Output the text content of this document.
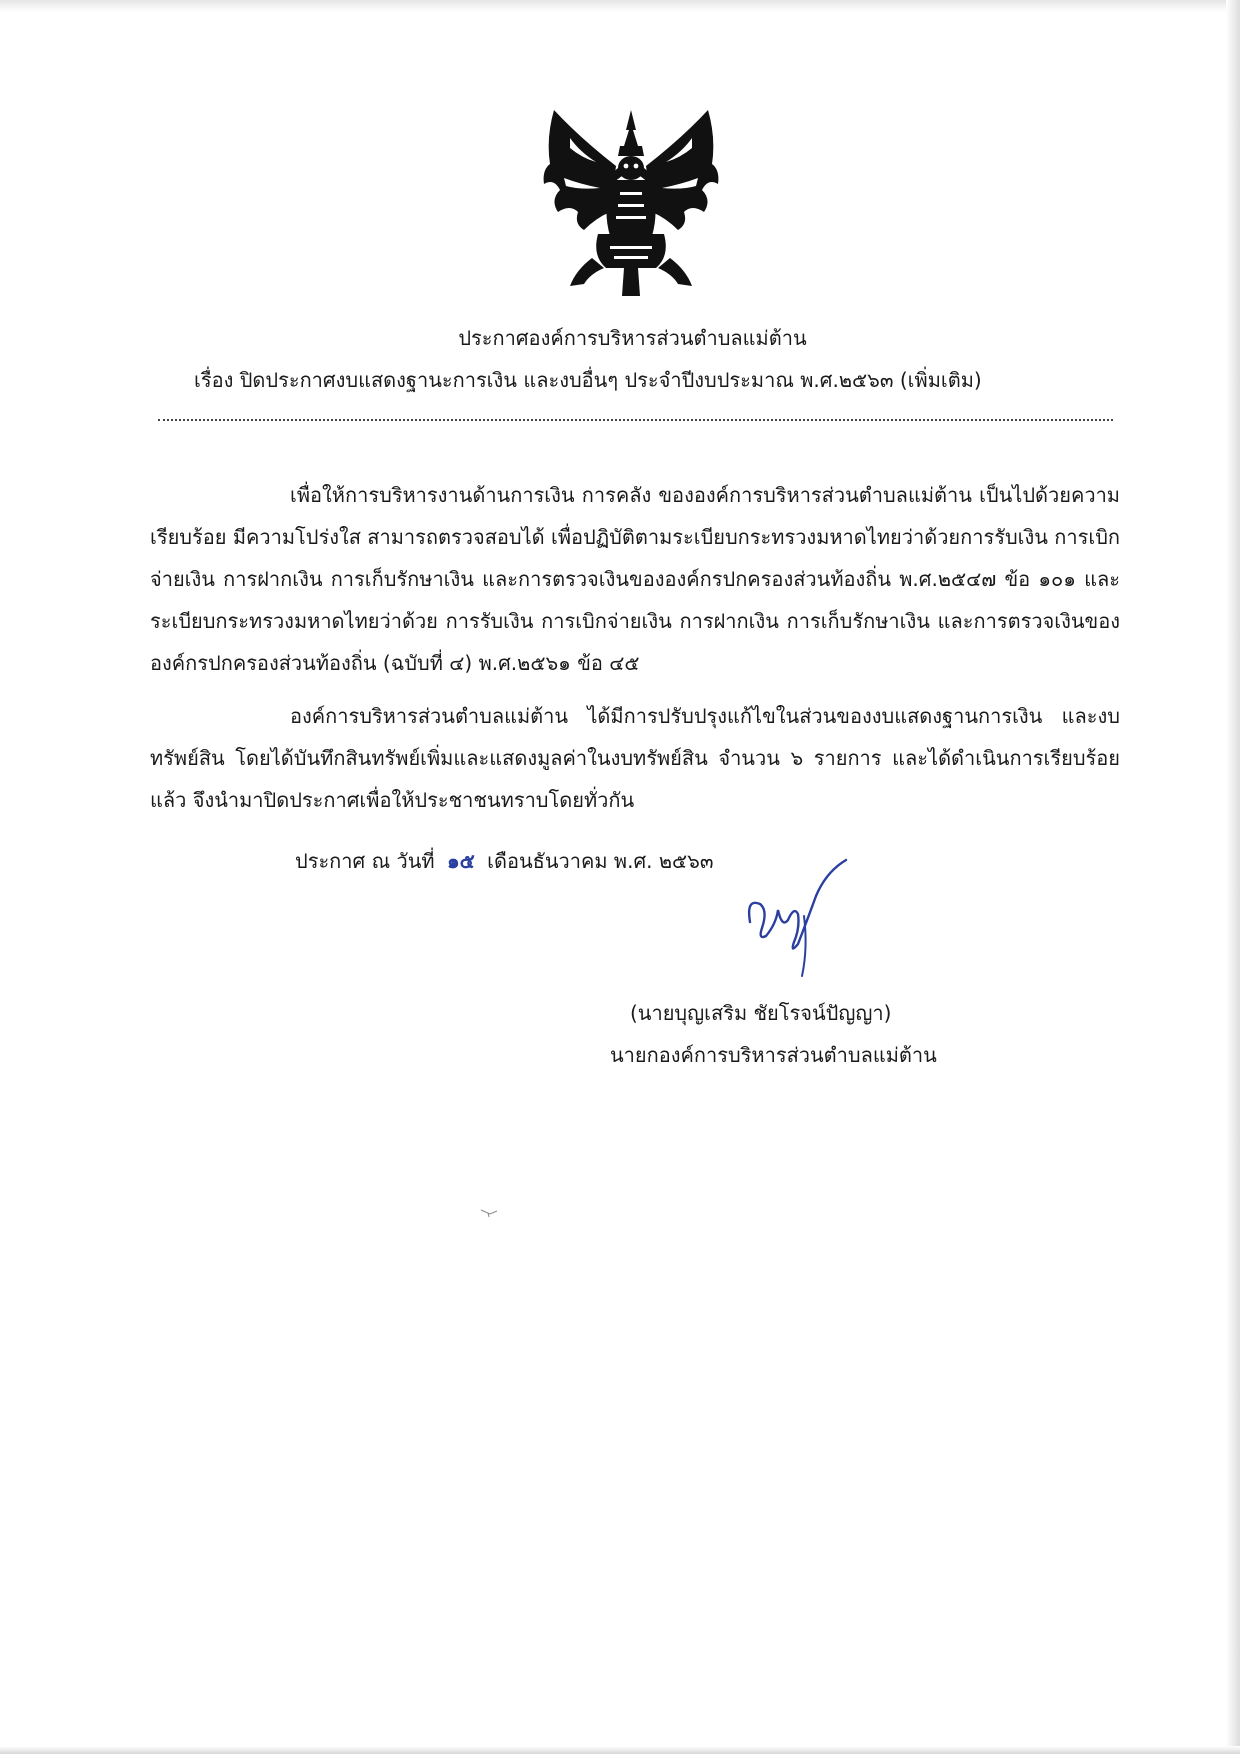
ประกาศองค์การบริหารส่วนตำบลแม่ต้าน
เรื่อง ปิดประกาศงบแสดงฐานะการเงิน และงบอื่นๆ ประจำปีงบประมาณ พ.ศ.๒๕๖๓ (เพิ่มเติม)
เพื่อให้การบริหารงานด้านการเงิน การคลัง ขององค์การบริหารส่วนตำบลแม่ต้าน เป็นไปด้วยความเรียบร้อย มีความโปร่งใส สามารถตรวจสอบได้ เพื่อปฏิบัติตามระเบียบกระทรวงมหาดไทยว่าด้วยการรับเงิน การเบิกจ่ายเงิน การฝากเงิน การเก็บรักษาเงิน และการตรวจเงินขององค์กรปกครองส่วนท้องถิ่น พ.ศ.๒๕๔๗ ข้อ ๑๐๑ และระเบียบกระทรวงมหาดไทยว่าด้วย การรับเงิน การเบิกจ่ายเงิน การฝากเงิน การเก็บรักษาเงิน และการตรวจเงินขององค์กรปกครองส่วนท้องถิ่น (ฉบับที่ ๔) พ.ศ.๒๕๖๑ ข้อ ๔๕
องค์การบริหารส่วนตำบลแม่ต้าน ได้มีการปรับปรุงแก้ไขในส่วนของงบแสดงฐานการเงิน และงบทรัพย์สิน โดยได้บันทึกสินทรัพย์เพิ่มและแสดงมูลค่าในงบทรัพย์สิน จำนวน ๖ รายการ และได้ดำเนินการเรียบร้อยแล้ว จึงนำมาปิดประกาศเพื่อให้ประชาชนทราบโดยทั่วกัน
ประกาศ ณ วันที่ ๑๕ เดือนธันวาคม พ.ศ. ๒๕๖๓
(นายบุญเสริม ชัยโรจน์ปัญญา)
นายกองค์การบริหารส่วนตำบลแม่ต้าน
